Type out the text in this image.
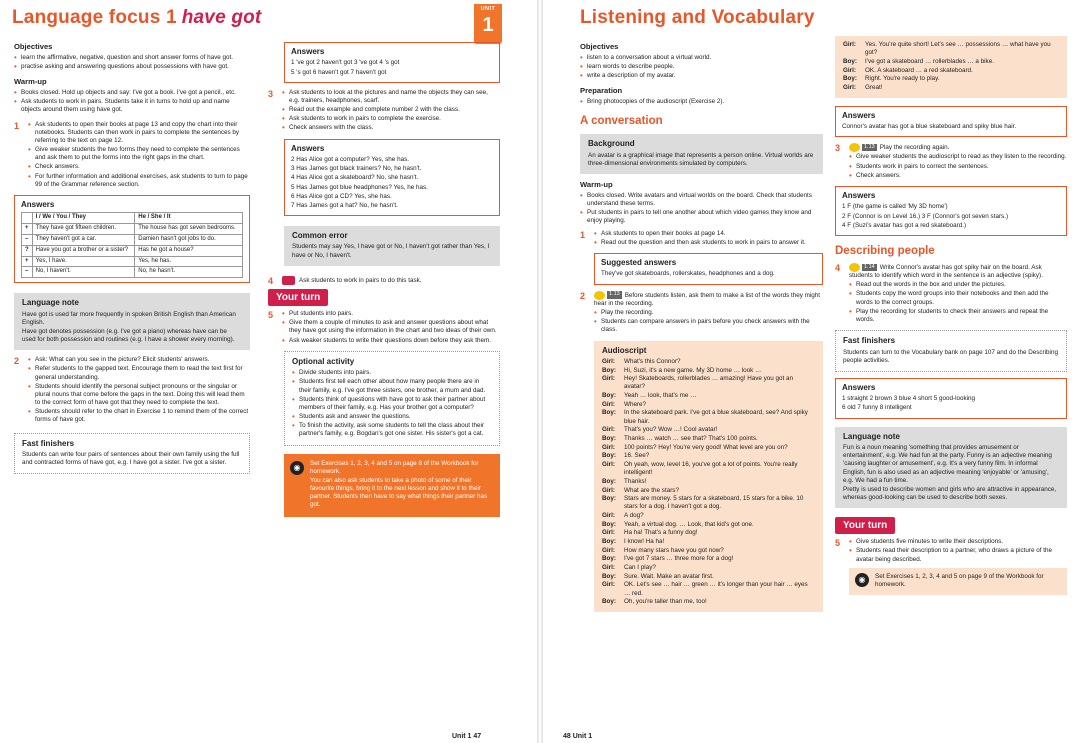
Language focus 1 have got	UNIT
1
Objectives
• learn the affirmative, negative, question and short answer forms of have got.
• practise asking and answering questions about possessions with have got.
Warm-up
• Books closed. Hold up objects and say: I've got a book. I've got a pencil., etc.
• Ask students to work in pairs. Students take it in turns to hold up and name objects around them using have got.
1	• Ask students to open their books at page 13 and copy the chart into their notebooks. Students can then work in pairs to complete the sentences by referring to the text on page 12.
• Give weaker students the two forms they need to complete the sentences and ask them to put the forms into the right gaps in the chart.
• Check answers.
• For further information and additional exercises, ask students to turn to page 99 of the Grammar reference section.
Answers
	I / We / You / They	He / She / It
+	They have got fifteen children.	The house has got seven bedrooms.
–	They haven't got a car.	Damien hasn't got jobs to do.
?	Have you got a brother or a sister?	Has he got a house?
+	Yes, I have.	Yes, he has.
–	No, I haven't.	No, he hasn't.
Language note

Have got is used far more frequently in spoken British English than American English.

Have got denotes possession (e.g. I've got a piano) whereas have can be used for both possession and routines (e.g. I have a shower every morning).

2	• Ask: What can you see in the picture? Elicit students' answers.
• Refer students to the gapped text. Encourage them to read the text first for general understanding.
• Students should identify the personal subject pronouns or the singular or plural nouns that come before the gaps in the text. Doing this will lead them to the correct form of have got that they need to complete the text.
• Students should refer to the chart in Exercise 1 to remind them of the correct forms of have got.
Fast finishers

Students can write four pairs of sentences about their own family using the full and contracted forms of have got, e.g. I have got a sister. I've got a sister.

Answers

1 've got 2 haven't got 3 've got 4 's got

5 's got 6 haven't got 7 haven't got

3	• Ask students to look at the pictures and name the objects they can see, e.g. trainers, headphones, scarf.
• Read out the example and complete number 2 with the class.
• Ask students to work in pairs to complete the exercise.
• Check answers with the class.
Answers

2 Has Alice got a computer? Yes, she has.

3 Has James got black trainers? No, he hasn't.

4 Has Alice got a skateboard? No, she hasn't.

5 Has James got blue headphones? Yes, he has.

6 Has Alice got a CD? Yes, she has.

7 Has James got a hat? No, he hasn't.

Common error

Students may say Yes, I have got or No, I haven't got rather than Yes, I have or No, I haven't.

4	Ask students to work in pairs to do this task.
Your turn
5	• Put students into pairs.
• Give them a couple of minutes to ask and answer questions about what they have got using the information in the chart and two ideas of their own.
• Ask weaker students to write their questions down before they ask them.
Optional activity
• Divide students into pairs.
• Students first tell each other about how many people there are in their family, e.g. I've got three sisters, one brother, a mum and dad.
• Students think of questions with have got to ask their partner about members of their family, e.g. Has your brother got a computer?
• Students ask and answer the questions.
• To finish the activity, ask some students to tell the class about their partner's family, e.g. Bogdan's got one sister. His sister's got a cat.
◉	Set Exercises 1, 2, 3, 4 and 5 on page 8 of the Workbook for homework.

You can also ask students to take a photo of some of their favourite things, bring it to the next lesson and show it to their partner. Students then have to say what things their partner has got.

Unit 1 47
Listening and Vocabulary
Objectives
• listen to a conversation about a virtual world.
• learn words to describe people.
• write a description of my avatar.
Preparation
• Bring photocopies of the audioscript (Exercise 2).
A conversation
Background

An avatar is a graphical image that represents a person online. Virtual worlds are three-dimensional environments simulated by computers.

Warm-up
• Books closed. Write avatars and virtual worlds on the board. Check that students understand these terms.
• Put students in pairs to tell one another about which video games they know and enjoy playing.
1	• Ask students to open their books at page 14.
• Read out the question and then ask students to work in pairs to answer it.
Suggested answers

They've got skateboards, rollerskates, headphones and a dog.

2	1.13 Before students listen, ask them to make a list of the words they might hear in the recording.

• Play the recording.
• Students can compare answers in pairs before you check answers with the class.
Audioscript
Girl:	What's this Connor?
Boy:	Hi, Suzi, it's a new game. My 3D home … look …
Girl:	Hey! Skateboards, rollerblades … amazing! Have you got an avatar?
Boy:	Yeah … look, that's me …
Girl:	Where?
Boy:	In the skateboard park. I've got a blue skateboard, see? And spiky blue hair.
Girl:	That's you? Wow …! Cool avatar!
Boy:	Thanks … watch … see that? That's 100 points.
Girl:	100 points? Hey! You're very good! What level are you on?
Boy:	16. See?
Girl:	Oh yeah, wow, level 16, you've got a lot of points. You're really intelligent!
Boy:	Thanks!
Girl:	What are the stars?
Boy:	Stars are money. 5 stars for a skateboard, 15 stars for a bike. 10 stars for a dog. I haven't got a dog.
Girl:	A dog?
Boy:	Yeah, a virtual dog. … Look, that kid's got one.
Girl:	Ha ha! That's a funny dog!
Boy:	I know! Ha ha!
Girl:	How many stars have you got now?
Boy:	I've got 7 stars … three more for a dog!
Girl:	Can I play?
Boy:	Sure. Wait. Make an avatar first.
Girl:	OK. Let's see … hair … green … it's longer than your hair … eyes … red.
Boy:	Oh, you're taller than me, too!
Girl:	Yes. You're quite short! Let's see … possessions … what have you got?
Boy:	I've got a skateboard … rollerblades … a bike.
Girl:	OK. A skateboard … a red skateboard.
Boy:	Right. You're ready to play.
Girl:	Great!
Answers

Connor's avatar has got a blue skateboard and spiky blue hair.

3	1.13 Play the recording again.

• Give weaker students the audioscript to read as they listen to the recording.
• Students work in pairs to correct the sentences.
• Check answers.
Answers

1 F (the game is called 'My 3D home')

2 F (Connor is on Level 16.) 3 F (Connor's got seven stars.)

4 F (Suzi's avatar has got a red skateboard.)

Describing people
4	1.14 Write Connor's avatar has got spiky hair on the board. Ask students to identify which word in the sentence is an adjective (spiky).

• Read out the words in the box and under the pictures.
• Students copy the word groups into their notebooks and then add the words to the correct groups.
• Play the recording for students to check their answers and repeat the words.
Fast finishers

Students can turn to the Vocabulary bank on page 107 and do the Describing people activities.

Answers

1 straight 2 brown 3 blue 4 short 5 good-looking

6 old 7 funny 8 intelligent

Language note

Fun is a noun meaning 'something that provides amusement or entertainment', e.g. We had fun at the party. Funny is an adjective meaning 'causing laughter or amusement', e.g. It's a very funny film. In informal English, fun is also used as an adjective meaning 'enjoyable' or 'amusing', e.g. We had a fun time.

Pretty is used to describe women and girls who are attractive in appearance, whereas good-looking can be used to describe both sexes.

Your turn
5	• Give students five minutes to write their descriptions.
• Students read their description to a partner, who draws a picture of the avatar being described.
◉	Set Exercises 1, 2, 3, 4 and 5 on page 9 of the Workbook for homework.

48 Unit 1
